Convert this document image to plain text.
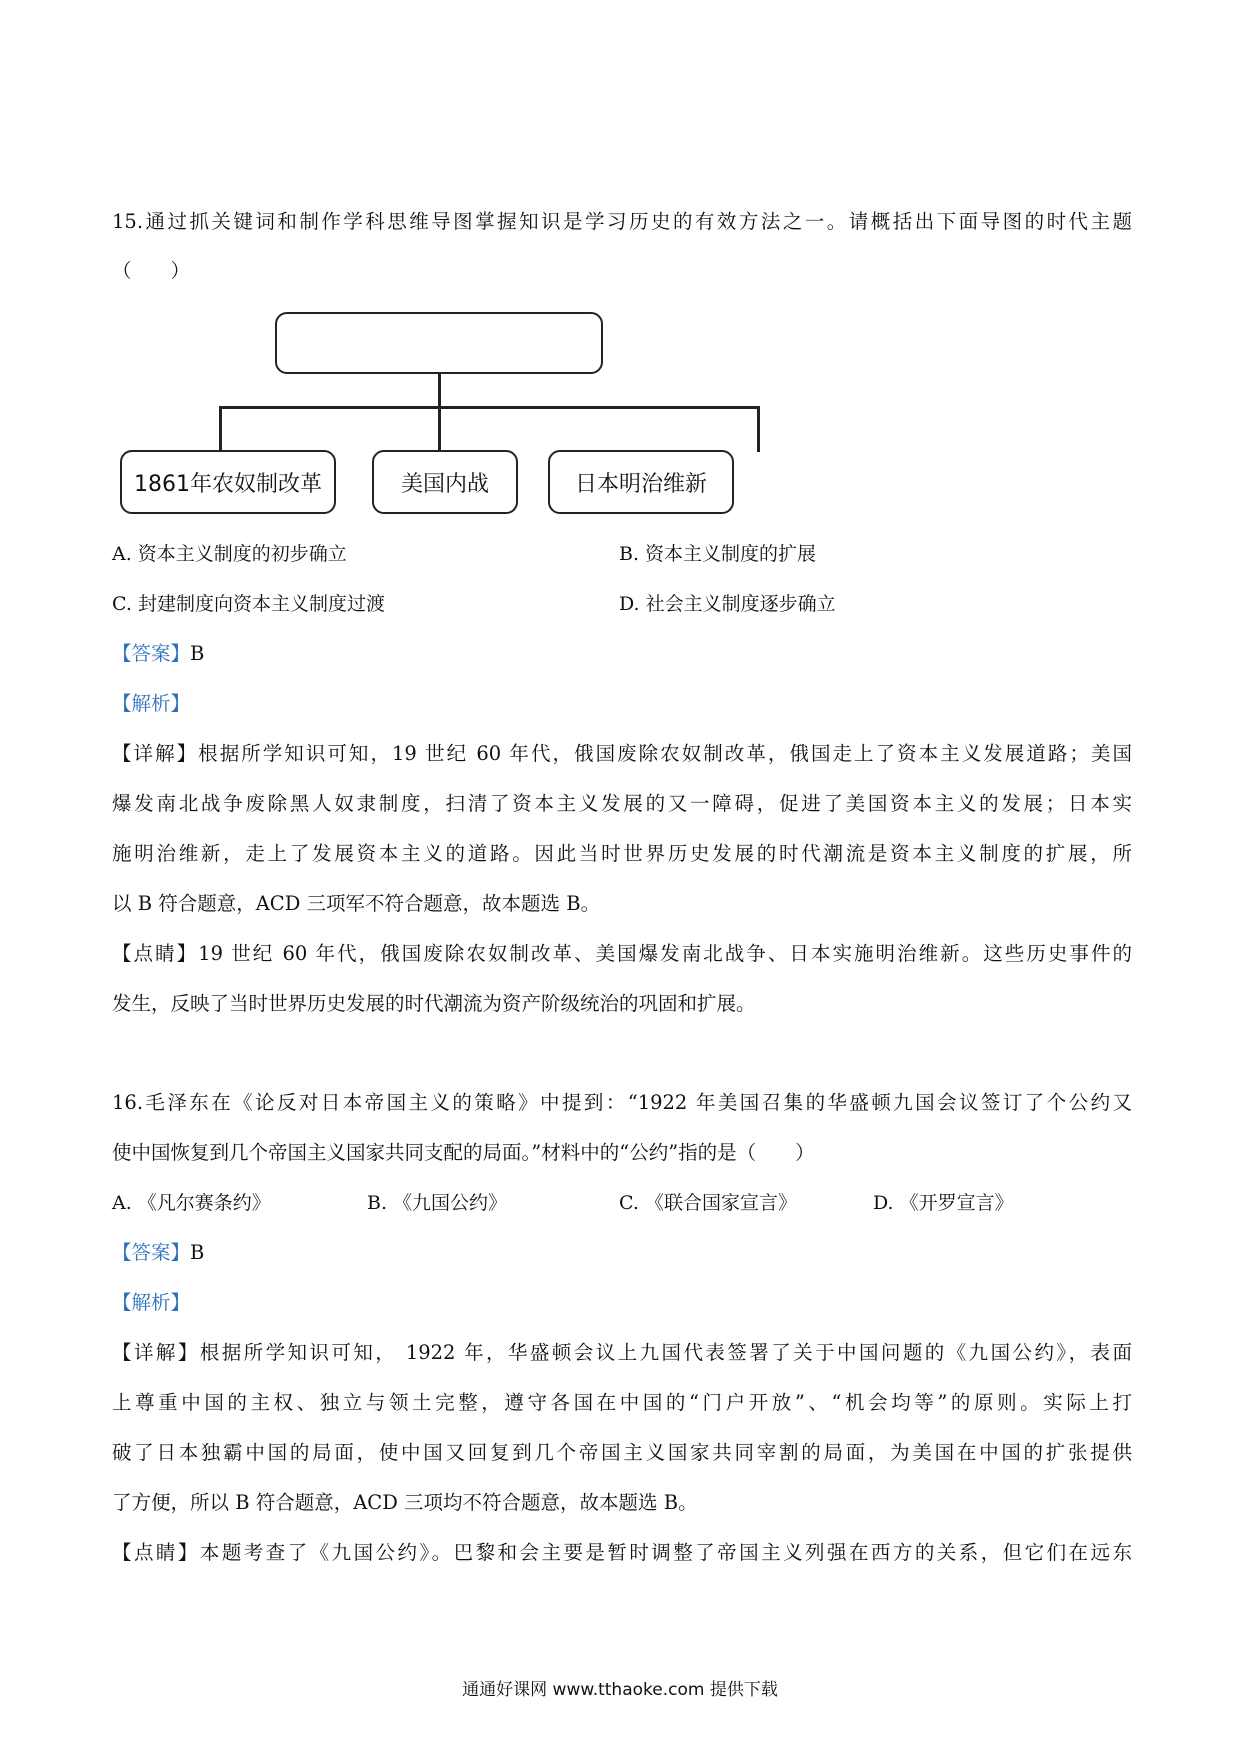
15.通过抓关键词和制作学科思维导图掌握知识是学习历史的有效方法之一。请概括出下面导图的时代主题
（　　）
1861年农奴制改革	美国内战	日本明治维新
A. 资本主义制度的初步确立	B. 资本主义制度的扩展
C. 封建制度向资本主义制度过渡	D. 社会主义制度逐步确立
【答案】B
【解析】
【详解】根据所学知识可知，19 世纪 60 年代，俄国废除农奴制改革，俄国走上了资本主义发展道路；美国
爆发南北战争废除黑人奴隶制度，扫清了资本主义发展的又一障碍，促进了美国资本主义的发展；日本实
施明治维新，走上了发展资本主义的道路。因此当时世界历史发展的时代潮流是资本主义制度的扩展，所
以 B 符合题意，ACD 三项军不符合题意，故本题选 B。
【点睛】19 世纪 60 年代，俄国废除农奴制改革、美国爆发南北战争、日本实施明治维新。这些历史事件的
发生，反映了当时世界历史发展的时代潮流为资产阶级统治的巩固和扩展。
16.毛泽东在《论反对日本帝国主义的策略》中提到：“1922 年美国召集的华盛顿九国会议签订了个公约又
使中国恢复到几个帝国主义国家共同支配的局面。”材料中的“公约”指的是（　　）
A. 《凡尔赛条约》	B. 《九国公约》	C. 《联合国家宣言》	D. 《开罗宣言》
【答案】B
【解析】
【详解】根据所学知识可知， 1922 年，华盛顿会议上九国代表签署了关于中国问题的《九国公约》，表面
上尊重中国的主权、独立与领土完整，遵守各国在中国的“门户开放”、“机会均等”的原则。实际上打
破了日本独霸中国的局面，使中国又回复到几个帝国主义国家共同宰割的局面，为美国在中国的扩张提供
了方便，所以 B 符合题意，ACD 三项均不符合题意，故本题选 B。
【点睛】本题考查了《九国公约》。巴黎和会主要是暂时调整了帝国主义列强在西方的关系，但它们在远东
通通好课网 www.tthaoke.com 提供下载
